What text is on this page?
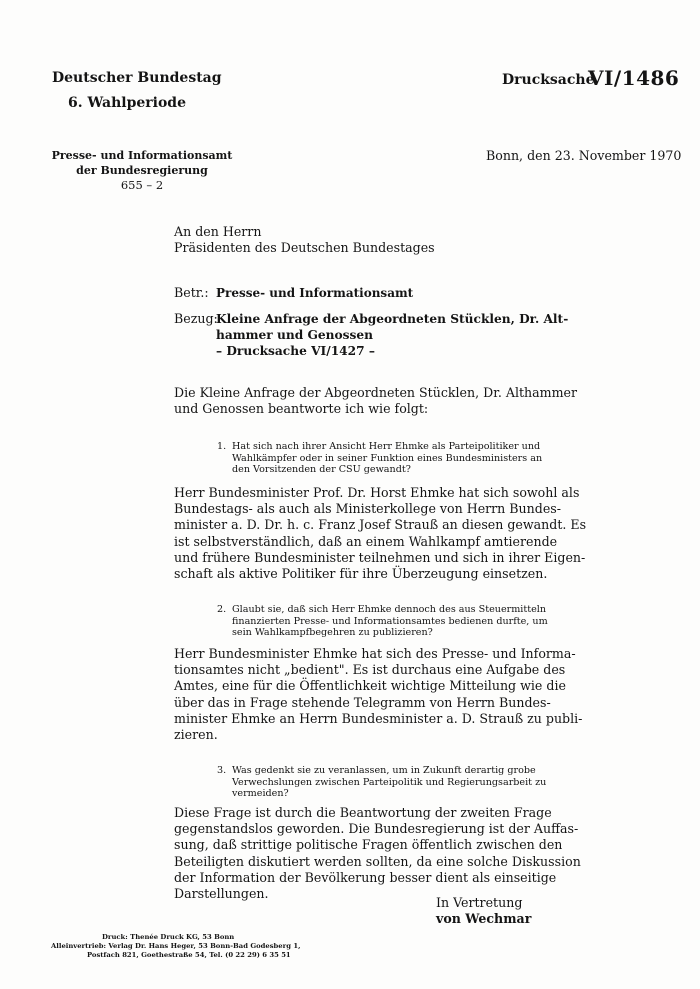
Deutscher Bundestag
6. Wahlperiode
Drucksache
VI/1486
Presse- und Informationsamt
der Bundesregierung
655 – 2
Bonn, den 23. November 1970
An den Herrn
Präsidenten des Deutschen Bundestages
Betr.: Presse- und Informationsamt
Bezug:
Kleine Anfrage der Abgeordneten Stücklen, Dr. Alt-
hammer und Genossen
– Drucksache VI/1427 –
Die Kleine Anfrage der Abgeordneten Stücklen, Dr. Althammer
und Genossen beantworte ich wie folgt:
1. Hat sich nach ihrer Ansicht Herr Ehmke als Parteipolitiker und
Wahlkämpfer oder in seiner Funktion eines Bundesministers an
den Vorsitzenden der CSU gewandt?
Herr Bundesminister Prof. Dr. Horst Ehmke hat sich sowohl als
Bundestags- als auch als Ministerkollege von Herrn Bundes-
minister a. D. Dr. h. c. Franz Josef Strauß an diesen gewandt. Es
ist selbstverständlich, daß an einem Wahlkampf amtierende
und frühere Bundesminister teilnehmen und sich in ihrer Eigen-
schaft als aktive Politiker für ihre Überzeugung einsetzen.
2. Glaubt sie, daß sich Herr Ehmke dennoch des aus Steuermitteln
finanzierten Presse- und Informationsamtes bedienen durfte, um
sein Wahlkampfbegehren zu publizieren?
Herr Bundesminister Ehmke hat sich des Presse- und Informa-
tionsamtes nicht „bedient". Es ist durchaus eine Aufgabe des
Amtes, eine für die Öffentlichkeit wichtige Mitteilung wie die
über das in Frage stehende Telegramm von Herrn Bundes-
minister Ehmke an Herrn Bundesminister a. D. Strauß zu publi-
zieren.
3. Was gedenkt sie zu veranlassen, um in Zukunft derartig grobe
Verwechslungen zwischen Parteipolitik und Regierungsarbeit zu
vermeiden?
Diese Frage ist durch die Beantwortung der zweiten Frage
gegenstandslos geworden. Die Bundesregierung ist der Auffas-
sung, daß strittige politische Fragen öffentlich zwischen den
Beteiligten diskutiert werden sollten, da eine solche Diskussion
der Information der Bevölkerung besser dient als einseitige
Darstellungen.
In Vertretung
von Wechmar
Druck: Thenée Druck KG, 53 Bonn
Alleinvertrieb: Verlag Dr. Hans Heger, 53 Bonn-Bad Godesberg 1,
Postfach 821, Goethestraße 54, Tel. (0 22 29) 6 35 51
